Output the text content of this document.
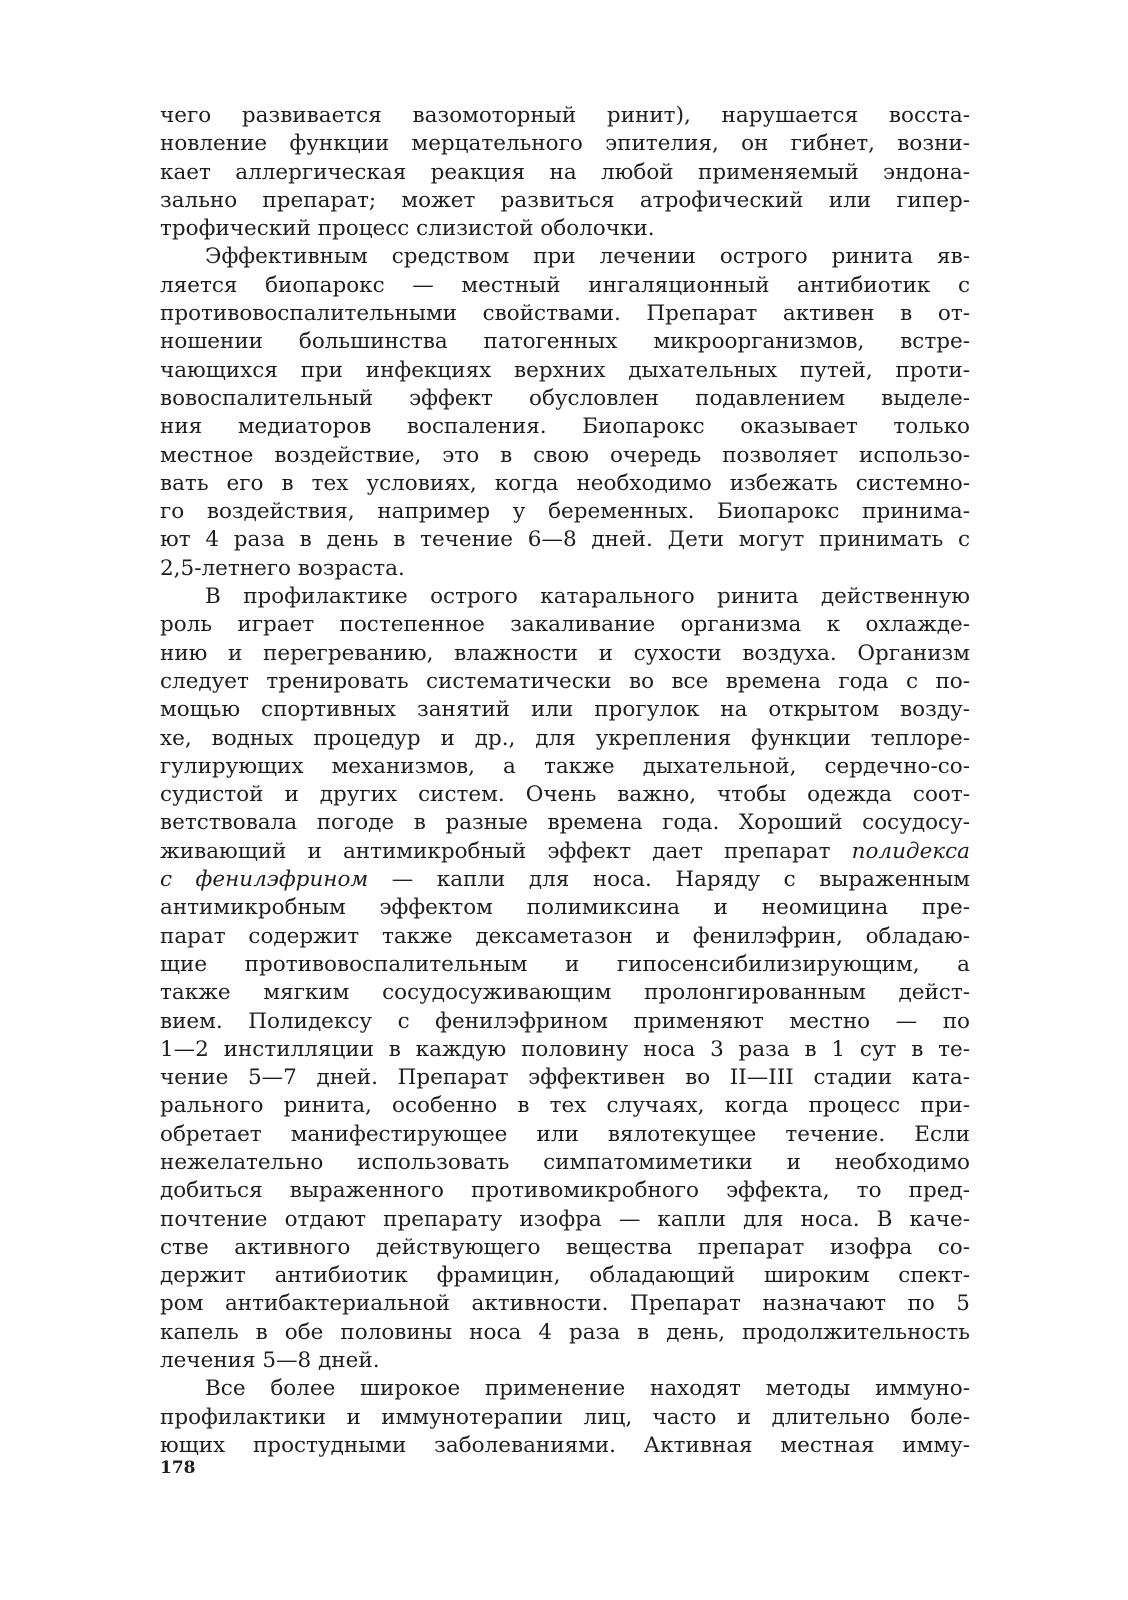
чего развивается вазомоторный ринит), нарушается восста-
новление функции мерцательного эпителия, он гибнет, возни-
кает аллергическая реакция на любой применяемый эндона-
зально препарат; может развиться атрофический или гипер-
трофический процесс слизистой оболочки.
Эффективным средством при лечении острого ринита яв-
ляется биопарокс — местный ингаляционный антибиотик с
противовоспалительными свойствами. Препарат активен в от-
ношении большинства патогенных микроорганизмов, встре-
чающихся при инфекциях верхних дыхательных путей, проти-
вовоспалительный эффект обусловлен подавлением выделе-
ния медиаторов воспаления. Биопарокс оказывает только
местное воздействие, это в свою очередь позволяет использо-
вать его в тех условиях, когда необходимо избежать системно-
го воздействия, например у беременных. Биопарокс принима-
ют 4 раза в день в течение 6—8 дней. Дети могут принимать с
2,5-летнего возраста.
В профилактике острого катарального ринита действенную
роль играет постепенное закаливание организма к охлажде-
нию и перегреванию, влажности и сухости воздуха. Организм
следует тренировать систематически во все времена года с по-
мощью спортивных занятий или прогулок на открытом возду-
хе, водных процедур и др., для укрепления функции теплоре-
гулирующих механизмов, а также дыхательной, сердечно-со-
судистой и других систем. Очень важно, чтобы одежда соот-
ветствовала погоде в разные времена года. Хороший сосудосу-
живающий и антимикробный эффект дает препарат полидекса
с фенилэфрином — капли для носа. Наряду с выраженным
антимикробным эффектом полимиксина и неомицина пре-
парат содержит также дексаметазон и фенилэфрин, обладаю-
щие противовоспалительным и гипосенсибилизирующим, а
также мягким сосудосуживающим пролонгированным дейст-
вием. Полидексу с фенилэфрином применяют местно — по
1—2 инстилляции в каждую половину носа 3 раза в 1 сут в те-
чение 5—7 дней. Препарат эффективен во II—III стадии ката-
рального ринита, особенно в тех случаях, когда процесс при-
обретает манифестирующее или вялотекущее течение. Если
нежелательно использовать симпатомиметики и необходимо
добиться выраженного противомикробного эффекта, то пред-
почтение отдают препарату изофра — капли для носа. В каче-
стве активного действующего вещества препарат изофра со-
держит антибиотик фрамицин, обладающий широким спект-
ром антибактериальной активности. Препарат назначают по 5
капель в обе половины носа 4 раза в день, продолжительность
лечения 5—8 дней.
Все более широкое применение находят методы иммуно-
профилактики и иммунотерапии лиц, часто и длительно боле-
ющих простудными заболеваниями. Активная местная имму-
178
